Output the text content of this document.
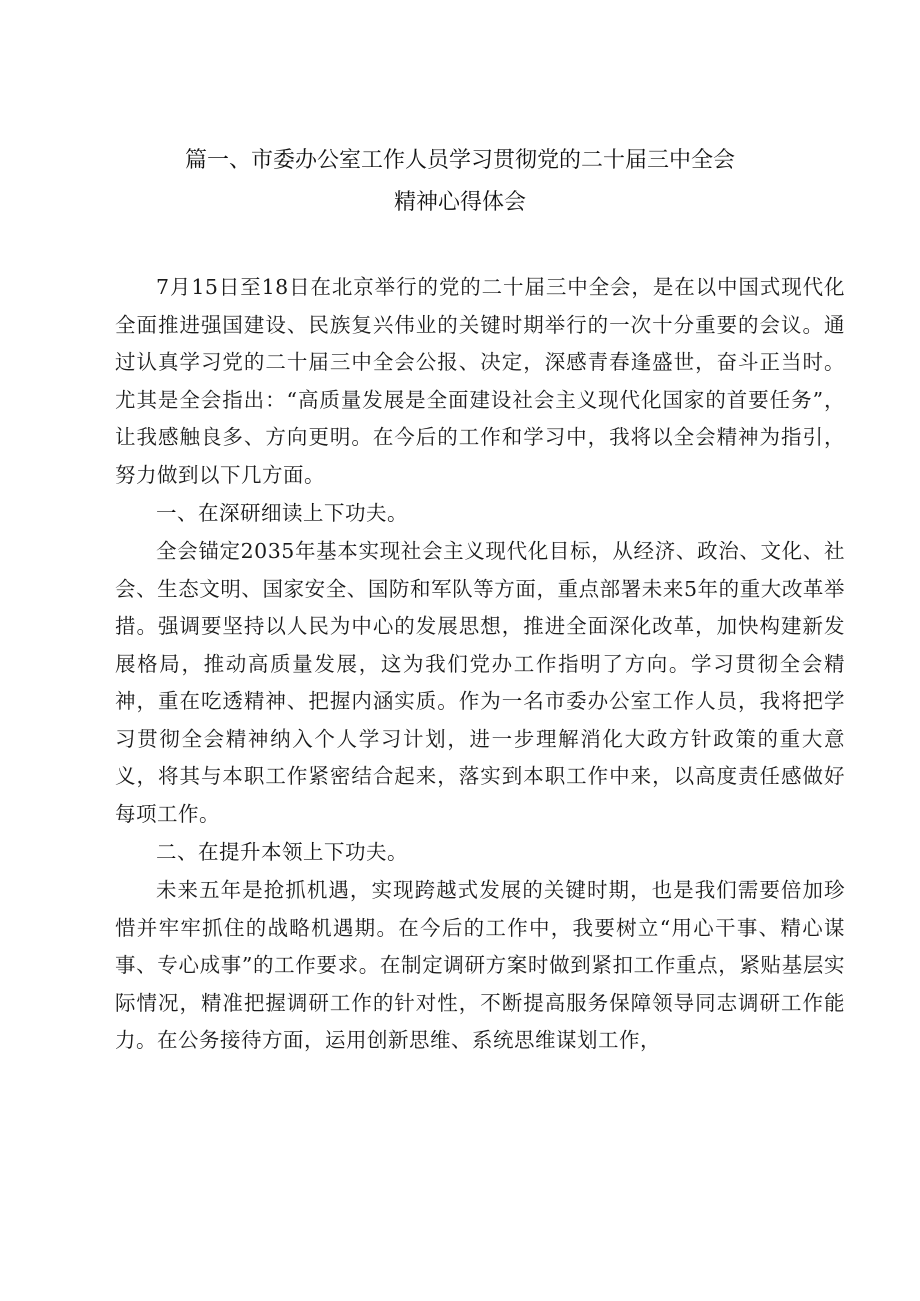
篇一、市委办公室工作人员学习贯彻党的二十届三中全会
精神心得体会

7月15日至18日在北京举行的党的二十届三中全会，是在以中国式现代化全面推进强国建设、民族复兴伟业的关键时期举行的一次十分重要的会议。通过认真学习党的二十届三中全会公报、决定，深感青春逢盛世，奋斗正当时。尤其是全会指出：“高质量发展是全面建设社会主义现代化国家的首要任务”，让我感触良多、方向更明。在今后的工作和学习中，我将以全会精神为指引，努力做到以下几方面。

一、在深研细读上下功夫。

全会锚定2035年基本实现社会主义现代化目标，从经济、政治、文化、社会、生态文明、国家安全、国防和军队等方面，重点部署未来5年的重大改革举措。强调要坚持以人民为中心的发展思想，推进全面深化改革，加快构建新发展格局，推动高质量发展，这为我们党办工作指明了方向。学习贯彻全会精神，重在吃透精神、把握内涵实质。作为一名市委办公室工作人员，我将把学习贯彻全会精神纳入个人学习计划，进一步理解消化大政方针政策的重大意义，将其与本职工作紧密结合起来，落实到本职工作中来，以高度责任感做好每项工作。

二、在提升本领上下功夫。

未来五年是抢抓机遇，实现跨越式发展的关键时期，也是我们需要倍加珍惜并牢牢抓住的战略机遇期。在今后的工作中，我要树立“用心干事、精心谋事、专心成事”的工作要求。在制定调研方案时做到紧扣工作重点，紧贴基层实际情况，精准把握调研工作的针对性，不断提高服务保障领导同志调研工作能力。在公务接待方面，运用创新思维、系统思维谋划工作，
